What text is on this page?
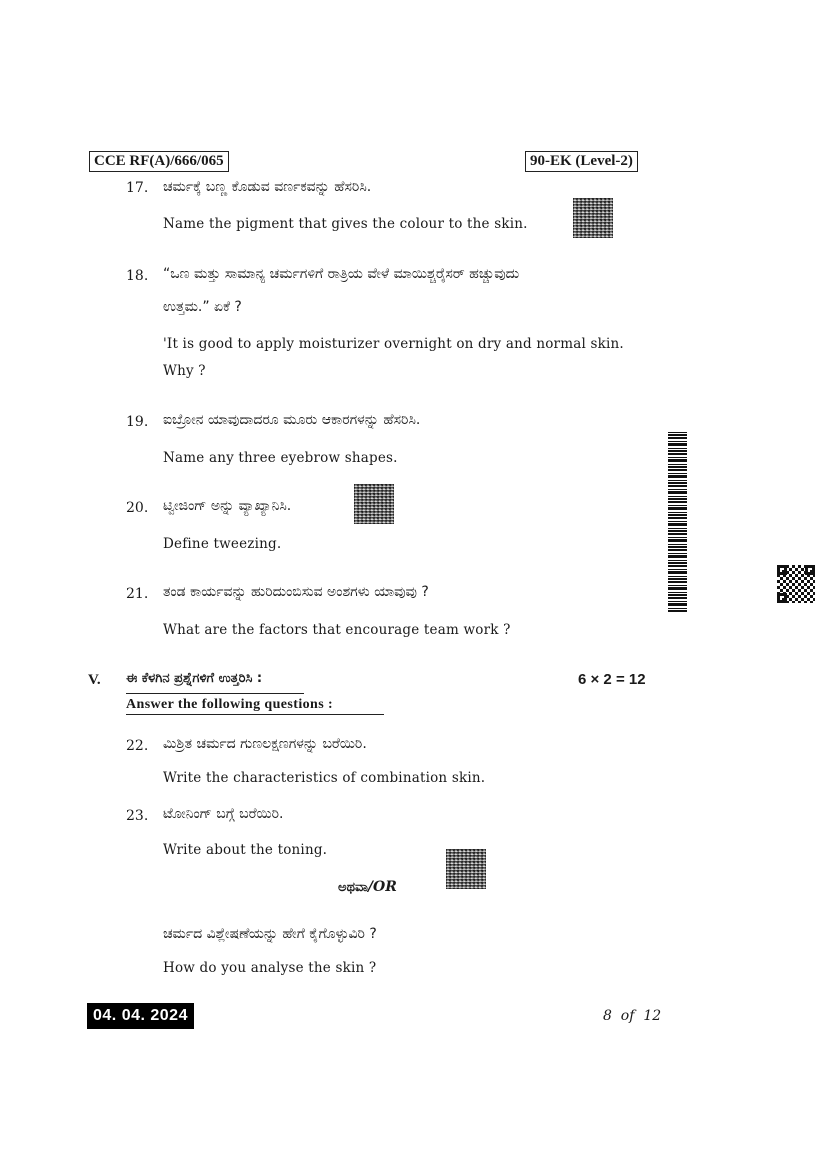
CCE RF(A)/666/065	90-EK (Level-2)
17. ಚರ್ಮಕ್ಕೆ ಬಣ್ಣ ಕೊಡುವ ವರ್ಣಕವನ್ನು ಹೆಸರಿಸಿ.
Name the pigment that gives the colour to the skin.
18. “ಒಣ ಮತ್ತು ಸಾಮಾನ್ಯ ಚರ್ಮಗಳಿಗೆ ರಾತ್ರಿಯ ವೇಳೆ ಮಾಯಿಶ್ಚರೈಸರ್ ಹಚ್ಚುವುದು
ಉತ್ತಮ.” ಏಕೆ ?
'It is good to apply moisturizer overnight on dry and normal skin.
Why ?
19. ಐಬ್ರೋನ ಯಾವುದಾದರೂ ಮೂರು ಆಕಾರಗಳನ್ನು ಹೆಸರಿಸಿ.
Name any three eyebrow shapes.
20. ಟ್ವೀಜಿಂಗ್ ಅನ್ನು ವ್ಯಾಖ್ಯಾನಿಸಿ.
Define tweezing.
21. ತಂಡ ಕಾರ್ಯವನ್ನು ಹುರಿದುಂಬಿಸುವ ಅಂಶಗಳು ಯಾವುವು ?
What are the factors that encourage team work ?
V. ಈ ಕೆಳಗಿನ ಪ್ರಶ್ನೆಗಳಿಗೆ ಉತ್ತರಿಸಿ :	6 × 2 = 12
Answer the following questions :
22. ಮಿಶ್ರಿತ ಚರ್ಮದ ಗುಣಲಕ್ಷಣಗಳನ್ನು ಬರೆಯಿರಿ.
Write the characteristics of combination skin.
23. ಟೋನಿಂಗ್ ಬಗ್ಗೆ ಬರೆಯಿರಿ.
Write about the toning.
ಅಥವಾ/OR
ಚರ್ಮದ ವಿಶ್ಲೇಷಣೆಯನ್ನು ಹೇಗೆ ಕೈಗೊಳ್ಳುವಿರಿ ?
How do you analyse the skin ?
04. 04. 2024	8  of  12
